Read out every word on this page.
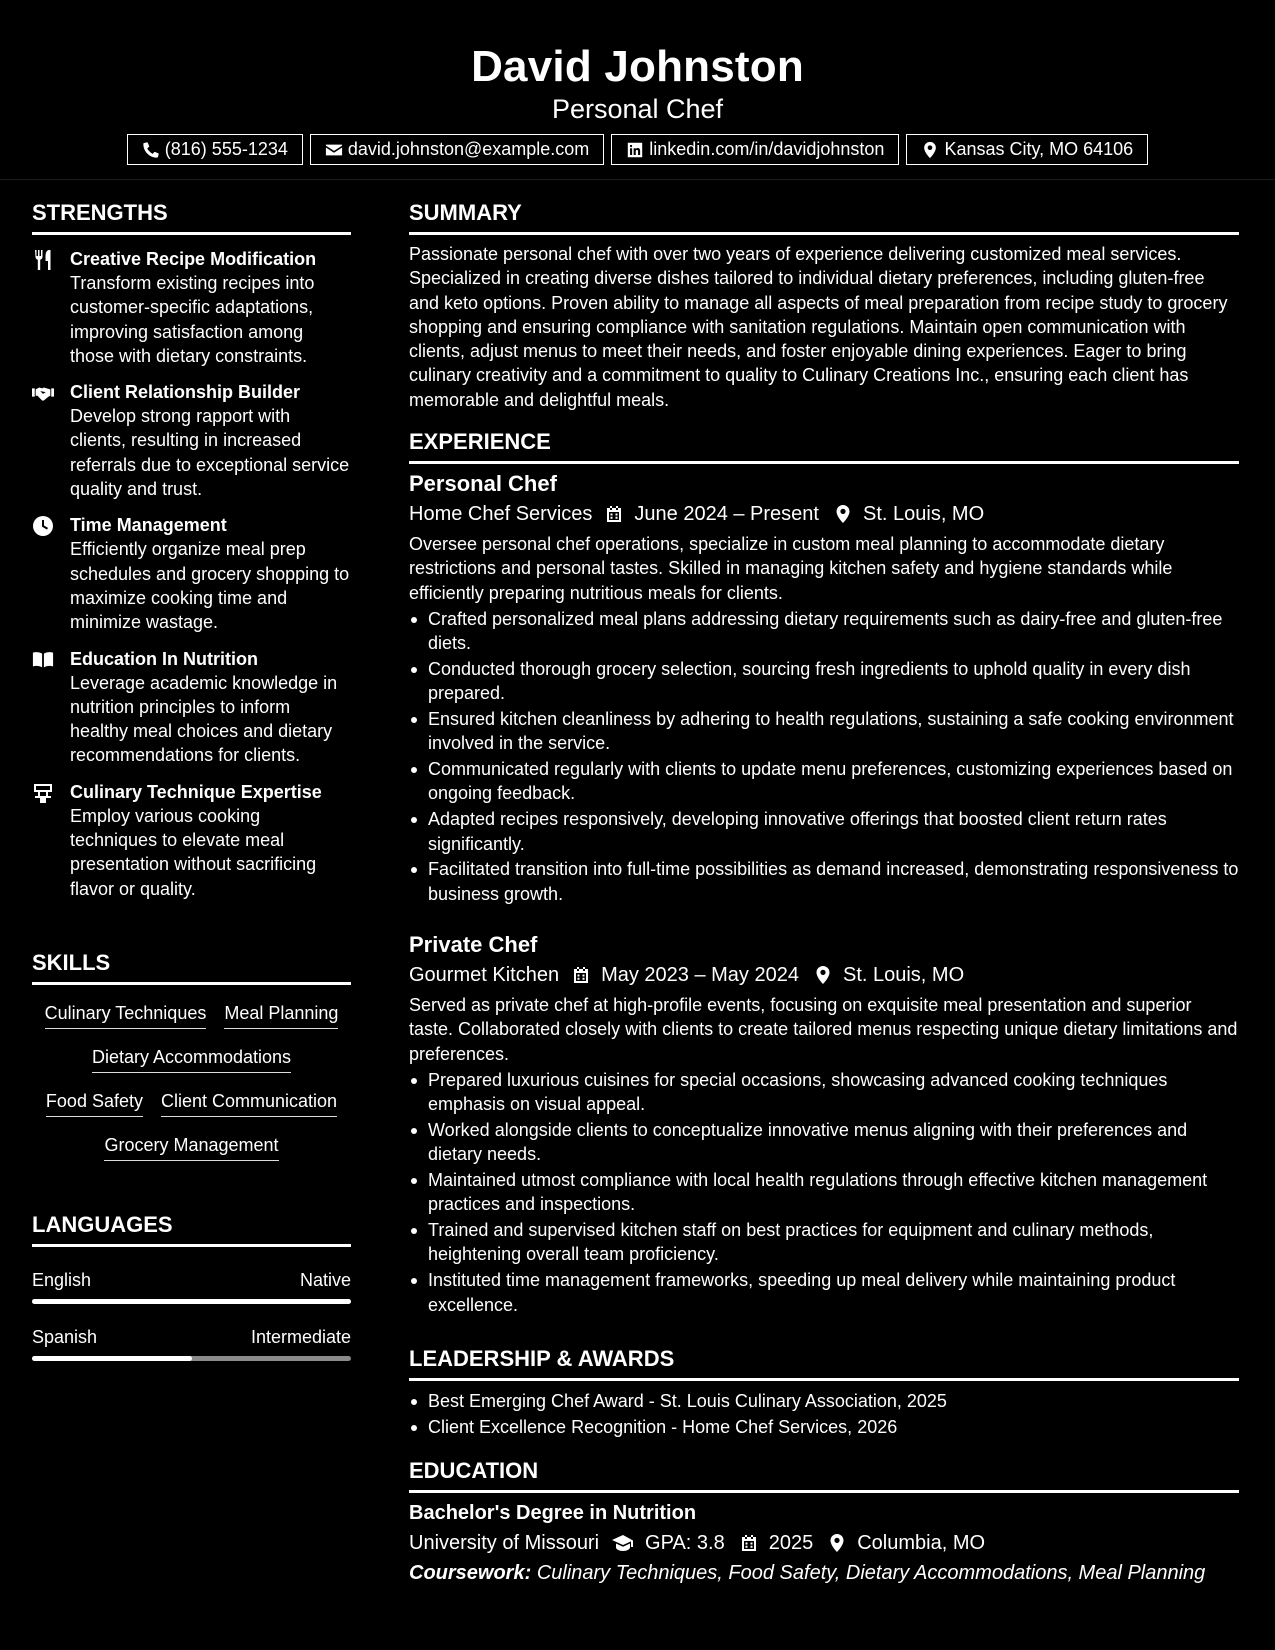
David Johnston
Personal Chef
(816) 555-1234	david.johnston@example.com	linkedin.com/in/davidjohnston	Kansas City, MO 64106
STRENGTHS
Creative Recipe Modification
Transform existing recipes into customer-specific adaptations, improving satisfaction among those with dietary constraints.
Client Relationship Builder
Develop strong rapport with clients, resulting in increased referrals due to exceptional service quality and trust.
Time Management
Efficiently organize meal prep schedules and grocery shopping to maximize cooking time and minimize wastage.
Education In Nutrition
Leverage academic knowledge in nutrition principles to inform healthy meal choices and dietary recommendations for clients.
Culinary Technique Expertise
Employ various cooking techniques to elevate meal presentation without sacrificing flavor or quality.
SKILLS
Culinary Techniques Meal Planning
Dietary Accommodations
Food Safety Client Communication
Grocery Management
LANGUAGES
English	Native
Spanish	Intermediate
SUMMARY
Passionate personal chef with over two years of experience delivering customized meal services. Specialized in creating diverse dishes tailored to individual dietary preferences, including gluten-free and keto options. Proven ability to manage all aspects of meal preparation from recipe study to grocery shopping and ensuring compliance with sanitation regulations. Maintain open communication with clients, adjust menus to meet their needs, and foster enjoyable dining experiences. Eager to bring culinary creativity and a commitment to quality to Culinary Creations Inc., ensuring each client has memorable and delightful meals.
EXPERIENCE
Personal Chef
Home Chef Services June 2024 – Present St. Louis, MO
Oversee personal chef operations, specialize in custom meal planning to accommodate dietary restrictions and personal tastes. Skilled in managing kitchen safety and hygiene standards while efficiently preparing nutritious meals for clients.
Crafted personalized meal plans addressing dietary requirements such as dairy-free and gluten-free diets.
Conducted thorough grocery selection, sourcing fresh ingredients to uphold quality in every dish prepared.
Ensured kitchen cleanliness by adhering to health regulations, sustaining a safe cooking environment involved in the service.
Communicated regularly with clients to update menu preferences, customizing experiences based on ongoing feedback.
Adapted recipes responsively, developing innovative offerings that boosted client return rates significantly.
Facilitated transition into full-time possibilities as demand increased, demonstrating responsiveness to business growth.
Private Chef
Gourmet Kitchen May 2023 – May 2024 St. Louis, MO
Served as private chef at high-profile events, focusing on exquisite meal presentation and superior taste. Collaborated closely with clients to create tailored menus respecting unique dietary limitations and preferences.
Prepared luxurious cuisines for special occasions, showcasing advanced cooking techniques emphasis on visual appeal.
Worked alongside clients to conceptualize innovative menus aligning with their preferences and dietary needs.
Maintained utmost compliance with local health regulations through effective kitchen management practices and inspections.
Trained and supervised kitchen staff on best practices for equipment and culinary methods, heightening overall team proficiency.
Instituted time management frameworks, speeding up meal delivery while maintaining product excellence.
LEADERSHIP & AWARDS
Best Emerging Chef Award - St. Louis Culinary Association, 2025
Client Excellence Recognition - Home Chef Services, 2026
EDUCATION
Bachelor's Degree in Nutrition
University of Missouri GPA: 3.8 2025 Columbia, MO
Coursework: Culinary Techniques, Food Safety, Dietary Accommodations, Meal Planning
